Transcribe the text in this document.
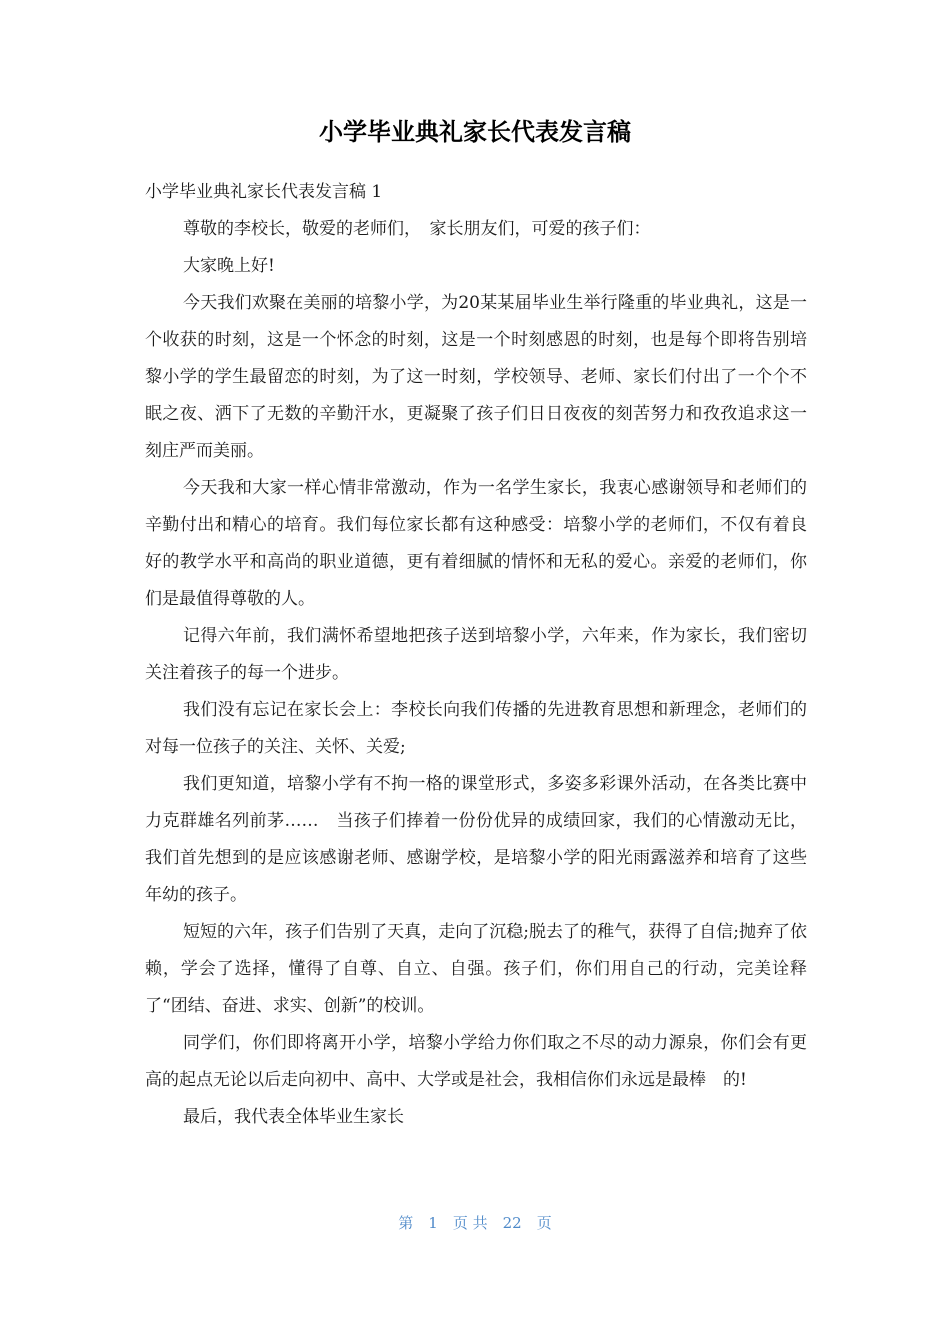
小学毕业典礼家长代表发言稿

小学毕业典礼家长代表发言稿 1

尊敬的李校长，敬爱的老师们，　家长朋友们，可爱的孩子们：

大家晚上好!

今天我们欢聚在美丽的培黎小学，为20某某届毕业生举行隆重的毕业典礼，这是一个收获的时刻，这是一个怀念的时刻，这是一个时刻感恩的时刻，也是每个即将告别培黎小学的学生最留恋的时刻，为了这一时刻，学校领导、老师、家长们付出了一个个不眠之夜、洒下了无数的辛勤汗水，更凝聚了孩子们日日夜夜的刻苦努力和孜孜追求这一刻庄严而美丽。

今天我和大家一样心情非常激动，作为一名学生家长，我衷心感谢领导和老师们的辛勤付出和精心的培育。我们每位家长都有这种感受：培黎小学的老师们，不仅有着良好的教学水平和高尚的职业道德，更有着细腻的情怀和无私的爱心。亲爱的老师们，你们是最值得尊敬的人。

记得六年前，我们满怀希望地把孩子送到培黎小学，六年来，作为家长，我们密切关注着孩子的每一个进步。

我们没有忘记在家长会上：李校长向我们传播的先进教育思想和新理念，老师们的对每一位孩子的关注、关怀、关爱;

我们更知道，培黎小学有不拘一格的课堂形式，多姿多彩课外活动，在各类比赛中力克群雄名列前茅……　当孩子们捧着一份份优异的成绩回家，我们的心情激动无比，我们首先想到的是应该感谢老师、感谢学校，是培黎小学的阳光雨露滋养和培育了这些年幼的孩子。

短短的六年，孩子们告别了天真，走向了沉稳;脱去了的稚气，获得了自信;抛弃了依赖，学会了选择，懂得了自尊、自立、自强。孩子们，你们用自己的行动，完美诠释了“团结、奋进、求实、创新”的校训。

同学们，你们即将离开小学，培黎小学给力你们取之不尽的动力源泉，你们会有更高的起点无论以后走向初中、高中、大学或是社会，我相信你们永远是最棒　的!

最后，我代表全体毕业生家长

第　1　页 共　22　页
